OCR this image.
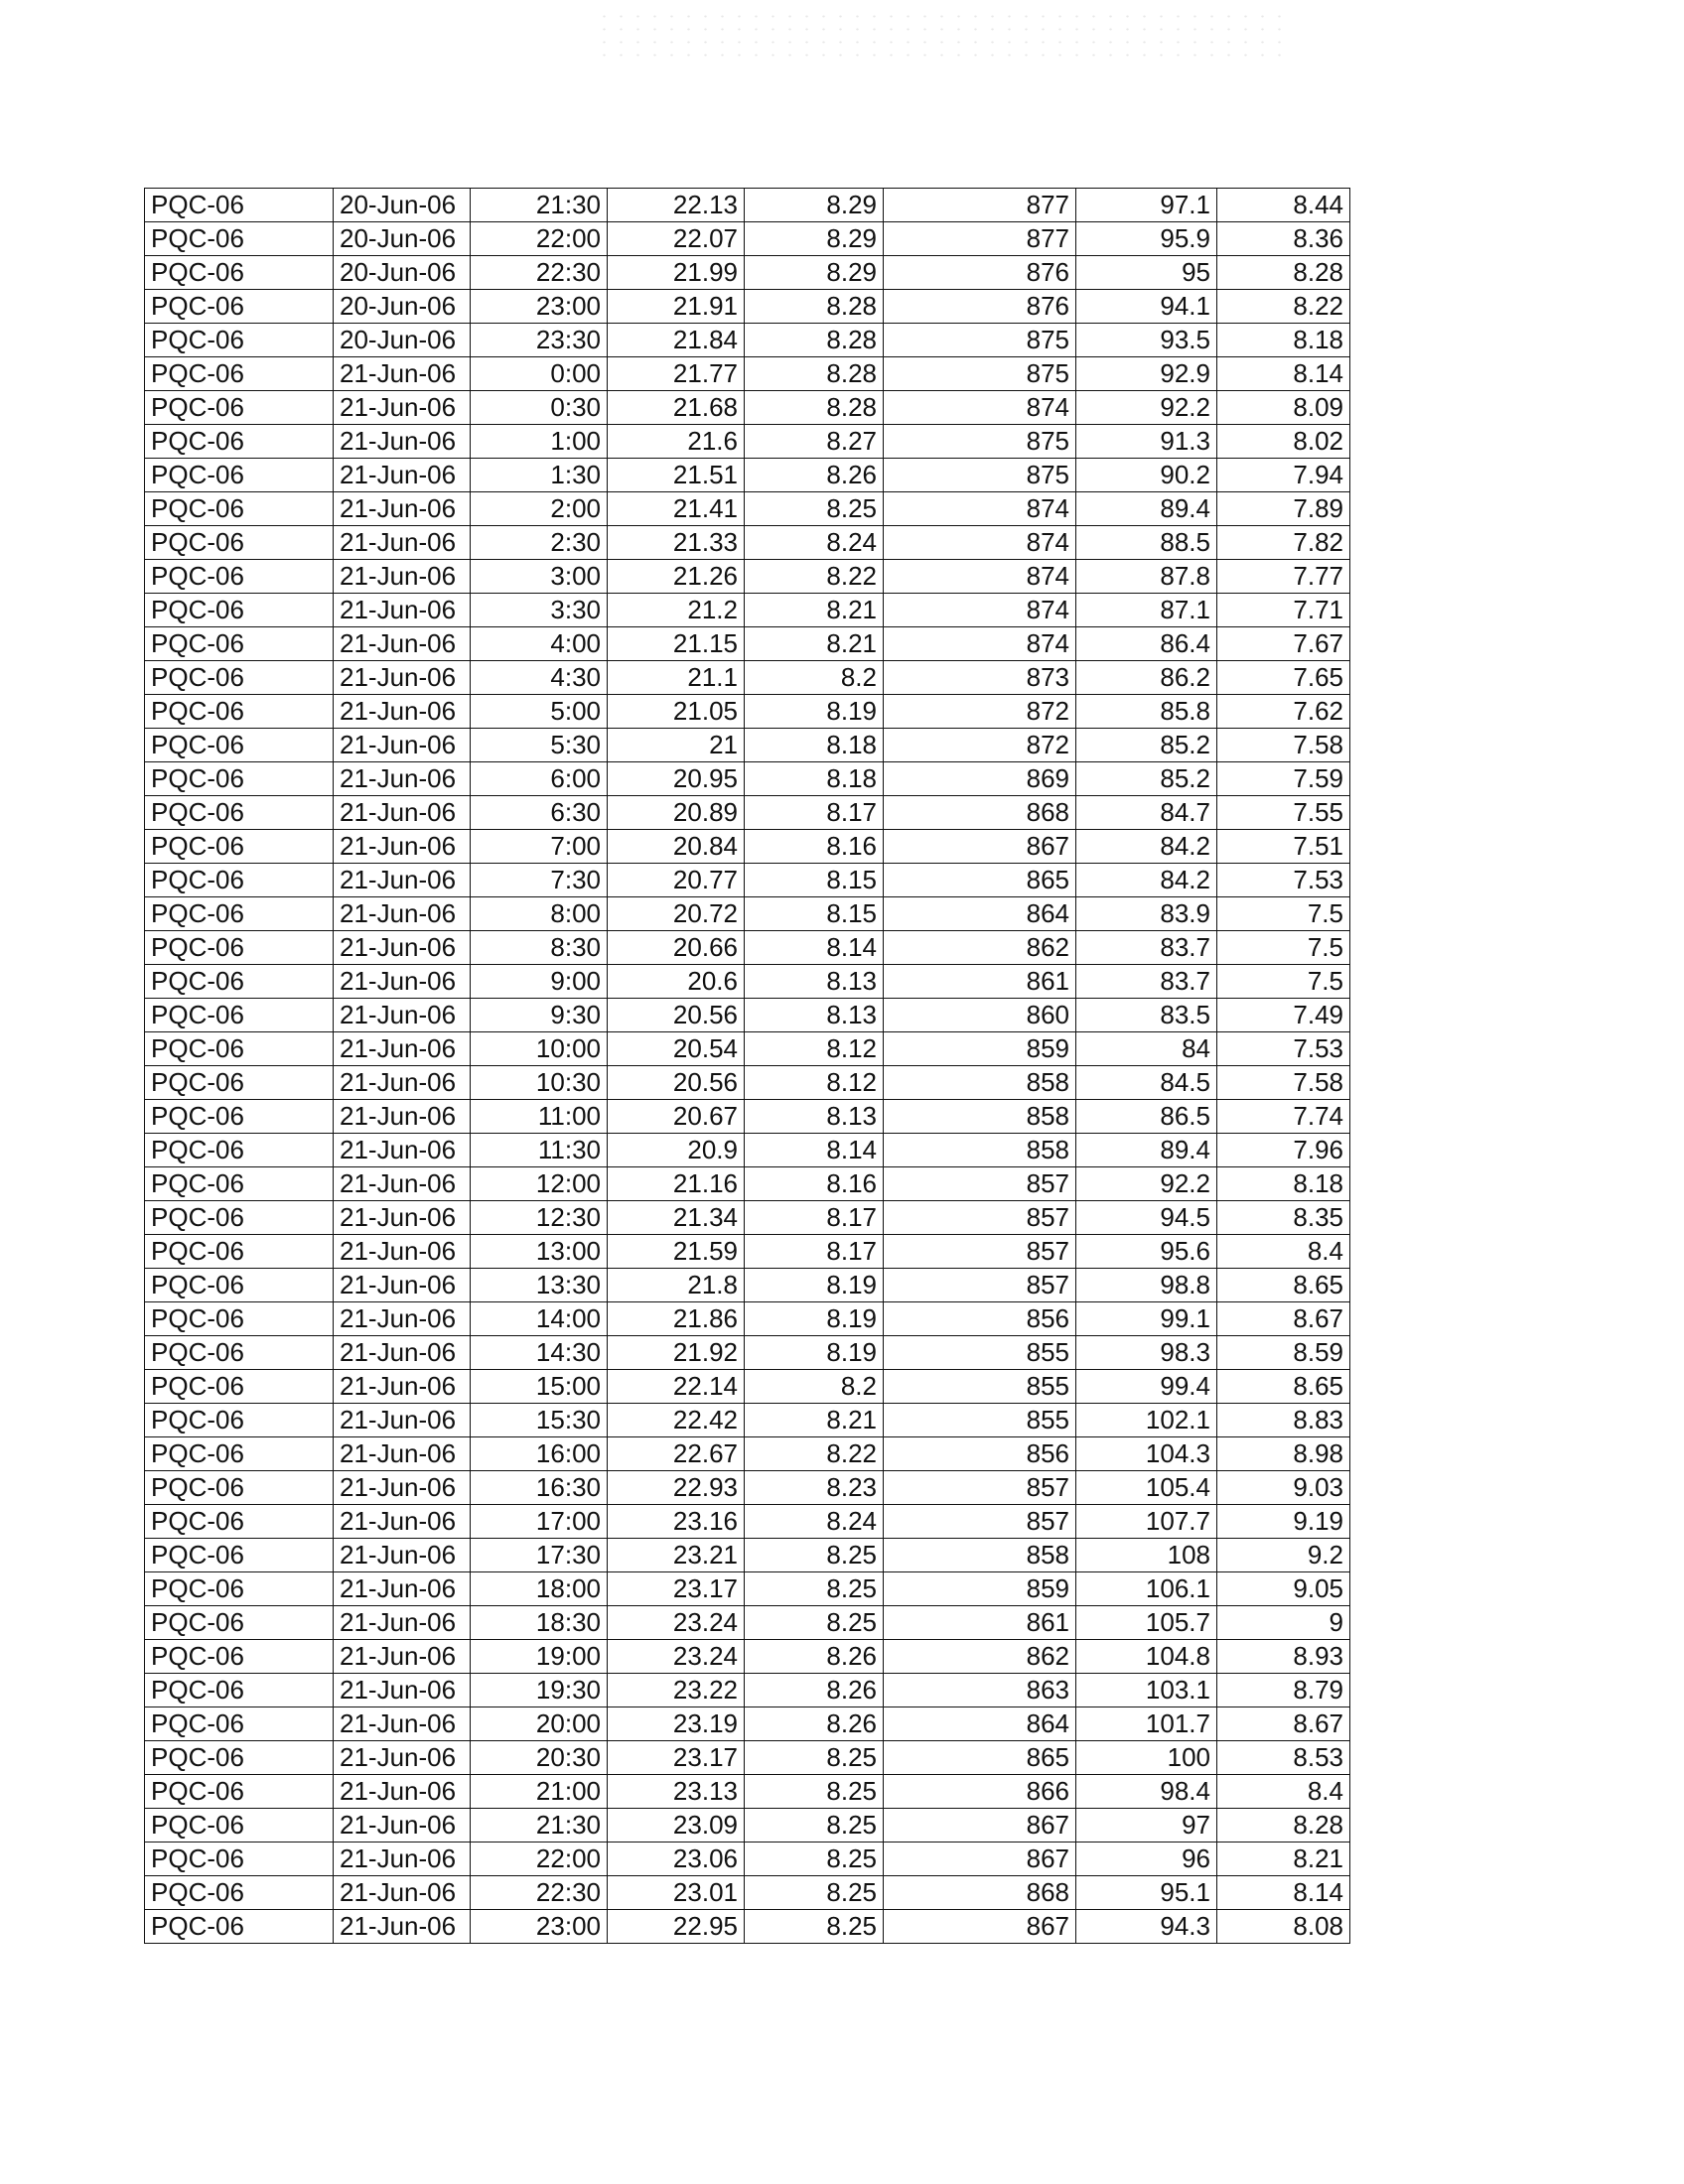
PQC-06	20-Jun-06	21:30	22.13	8.29	877	97.1	8.44
PQC-06	20-Jun-06	22:00	22.07	8.29	877	95.9	8.36
PQC-06	20-Jun-06	22:30	21.99	8.29	876	95	8.28
PQC-06	20-Jun-06	23:00	21.91	8.28	876	94.1	8.22
PQC-06	20-Jun-06	23:30	21.84	8.28	875	93.5	8.18
PQC-06	21-Jun-06	0:00	21.77	8.28	875	92.9	8.14
PQC-06	21-Jun-06	0:30	21.68	8.28	874	92.2	8.09
PQC-06	21-Jun-06	1:00	21.6	8.27	875	91.3	8.02
PQC-06	21-Jun-06	1:30	21.51	8.26	875	90.2	7.94
PQC-06	21-Jun-06	2:00	21.41	8.25	874	89.4	7.89
PQC-06	21-Jun-06	2:30	21.33	8.24	874	88.5	7.82
PQC-06	21-Jun-06	3:00	21.26	8.22	874	87.8	7.77
PQC-06	21-Jun-06	3:30	21.2	8.21	874	87.1	7.71
PQC-06	21-Jun-06	4:00	21.15	8.21	874	86.4	7.67
PQC-06	21-Jun-06	4:30	21.1	8.2	873	86.2	7.65
PQC-06	21-Jun-06	5:00	21.05	8.19	872	85.8	7.62
PQC-06	21-Jun-06	5:30	21	8.18	872	85.2	7.58
PQC-06	21-Jun-06	6:00	20.95	8.18	869	85.2	7.59
PQC-06	21-Jun-06	6:30	20.89	8.17	868	84.7	7.55
PQC-06	21-Jun-06	7:00	20.84	8.16	867	84.2	7.51
PQC-06	21-Jun-06	7:30	20.77	8.15	865	84.2	7.53
PQC-06	21-Jun-06	8:00	20.72	8.15	864	83.9	7.5
PQC-06	21-Jun-06	8:30	20.66	8.14	862	83.7	7.5
PQC-06	21-Jun-06	9:00	20.6	8.13	861	83.7	7.5
PQC-06	21-Jun-06	9:30	20.56	8.13	860	83.5	7.49
PQC-06	21-Jun-06	10:00	20.54	8.12	859	84	7.53
PQC-06	21-Jun-06	10:30	20.56	8.12	858	84.5	7.58
PQC-06	21-Jun-06	11:00	20.67	8.13	858	86.5	7.74
PQC-06	21-Jun-06	11:30	20.9	8.14	858	89.4	7.96
PQC-06	21-Jun-06	12:00	21.16	8.16	857	92.2	8.18
PQC-06	21-Jun-06	12:30	21.34	8.17	857	94.5	8.35
PQC-06	21-Jun-06	13:00	21.59	8.17	857	95.6	8.4
PQC-06	21-Jun-06	13:30	21.8	8.19	857	98.8	8.65
PQC-06	21-Jun-06	14:00	21.86	8.19	856	99.1	8.67
PQC-06	21-Jun-06	14:30	21.92	8.19	855	98.3	8.59
PQC-06	21-Jun-06	15:00	22.14	8.2	855	99.4	8.65
PQC-06	21-Jun-06	15:30	22.42	8.21	855	102.1	8.83
PQC-06	21-Jun-06	16:00	22.67	8.22	856	104.3	8.98
PQC-06	21-Jun-06	16:30	22.93	8.23	857	105.4	9.03
PQC-06	21-Jun-06	17:00	23.16	8.24	857	107.7	9.19
PQC-06	21-Jun-06	17:30	23.21	8.25	858	108	9.2
PQC-06	21-Jun-06	18:00	23.17	8.25	859	106.1	9.05
PQC-06	21-Jun-06	18:30	23.24	8.25	861	105.7	9
PQC-06	21-Jun-06	19:00	23.24	8.26	862	104.8	8.93
PQC-06	21-Jun-06	19:30	23.22	8.26	863	103.1	8.79
PQC-06	21-Jun-06	20:00	23.19	8.26	864	101.7	8.67
PQC-06	21-Jun-06	20:30	23.17	8.25	865	100	8.53
PQC-06	21-Jun-06	21:00	23.13	8.25	866	98.4	8.4
PQC-06	21-Jun-06	21:30	23.09	8.25	867	97	8.28
PQC-06	21-Jun-06	22:00	23.06	8.25	867	96	8.21
PQC-06	21-Jun-06	22:30	23.01	8.25	868	95.1	8.14
PQC-06	21-Jun-06	23:00	22.95	8.25	867	94.3	8.08
